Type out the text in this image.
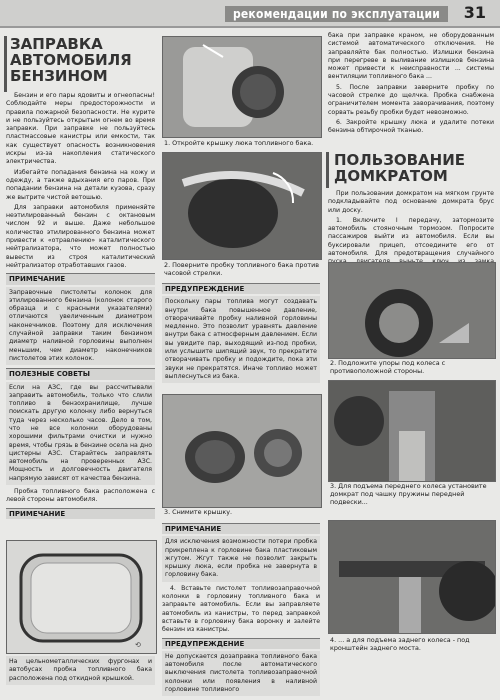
рекомендации по эксплуатации	31
ЗАПРАВКА
АВТОМОБИЛЯ
БЕНЗИНОМ

Бензин и его пары ядовиты и огнеопасны! Соблюдайте меры предосторожности и правила пожарной безопасности. Не курите и не пользуйтесь открытым огнем во время заправки. При заправке не пользуйтесь пластмассовые канистры или емкости, так как существует опасность возникновения искры из-за накопления статического электричества.

Избегайте попадания бензина на кожу и одежду, а также вдыхания его паров. При попадании бензина на детали кузова, сразу же вытрите чистой ветошью.

Для заправки автомобиля применяйте неэтилированный бензин с октановым числом 92 и выше. Даже небольшое количество этилированного бензина может привести к «отравлению» каталитического нейтрализатора, что может полностью вывести из строя каталитический нейтрализатор отработавших газов.

ПРИМЕЧАНИЕ
Заправочные пистолеты колонок для этилированного бензина (колонок старого образца и с красными указателями) отличаются увеличенным диаметром наконечников. Поэтому для исключения случайной заправки таким бензином диаметр наливной горловины выполнен меньшим, чем диаметр наконечников пистолетов этих колонок.
ПОЛЕЗНЫЕ СОВЕТЫ
Если на АЗС, где вы рассчитывали заправить автомобиль, только что слили топливо в бензохранилище, лучше поискать другую колонку либо вернуться туда через несколько часов. Дело в том, что не все колонки оборудованы хорошими фильтрами очистки и нужно время, чтобы грязь в бензине осела на дно цистерны АЗС. Старайтесь заправлять автомобиль на проверенных АЗС. Мощность и долговечность двигателя напрямую зависят от качества бензина.

Пробка топливного бака расположена с левой стороны автомобиля.

ПРИМЕЧАНИЕ
⟲
На цельнометаллических фургонах и автобусах пробка топливного бака расположена под откидной крышкой.
1. Откройте крышку люка топливного бака.
2. Поверните пробку топливного бака против часовой стрелки.
ПРЕДУПРЕЖДЕНИЕ
Поскольку пары топлива могут создавать внутри бака повышенное давление, отворачивайте пробку наливной горловины медленно. Это позволит уравнять давление внутри бака с атмосферным давлением. Если вы увидите пар, выходящий из-под пробки, или услышите шипящий звук, то прекратите отворачивать пробку и подождите, пока эти звуки не прекратятся. Иначе топливо может выплеснуться из бака.
3. Снимите крышку.
ПРИМЕЧАНИЕ
Для исключения возможности потери пробка прикреплена к горловине бака пластиковым жгутом. Жгут также не позволит закрыть крышку люка, если пробка не завернута в горловину бака.

4. Вставьте пистолет топливозаправочной колонки в горловину топливного бака и заправьте автомобиль. Если вы заправляете автомобиль из канистры, то перед заправкой вставьте в горловину бака воронку и залейте бензин из канистры.

ПРЕДУПРЕЖДЕНИЕ
Не допускается дозаправка топливного бака автомобиля после автоматического выключения пистолета топливозаправочной колонки или появления в наливной горловине топливного

бака при заправке краном, не оборудованным системой автоматического отключения. Не заправляйте бак полностью. Излишки бензина при перегреве в выливание излишков бензина может привести к неисправности ... системы вентиляции топливного бака ...

5. После заправки заверните пробку по часовой стрелке до щелчка. Пробка снабжена ограничителем момента заворачивания, поэтому сорвать резьбу пробки будет невозможно.

6. Закройте крышку люка и удалите потеки бензина обтирочной тканью.

ПОЛЬЗОВАНИЕ
ДОМКРАТОМ

При пользовании домкратом на мягком грунте подкладывайте под основание домкрата брус или доску.

1. Включите I передачу, затормозите автомобиль стояночным тормозом. Попросите пассажиров выйти из автомобиля. Если вы буксировали прицеп, отсоедините его от автомобиля. Для предотвращения случайного

2. Подложите упоры под колеса с противоположной стороны.
3. Для подъема переднего колеса установите домкрат под чашку пружины передней подвески...
4. ... а для подъема заднего колеса - под кронштейн заднего моста.
